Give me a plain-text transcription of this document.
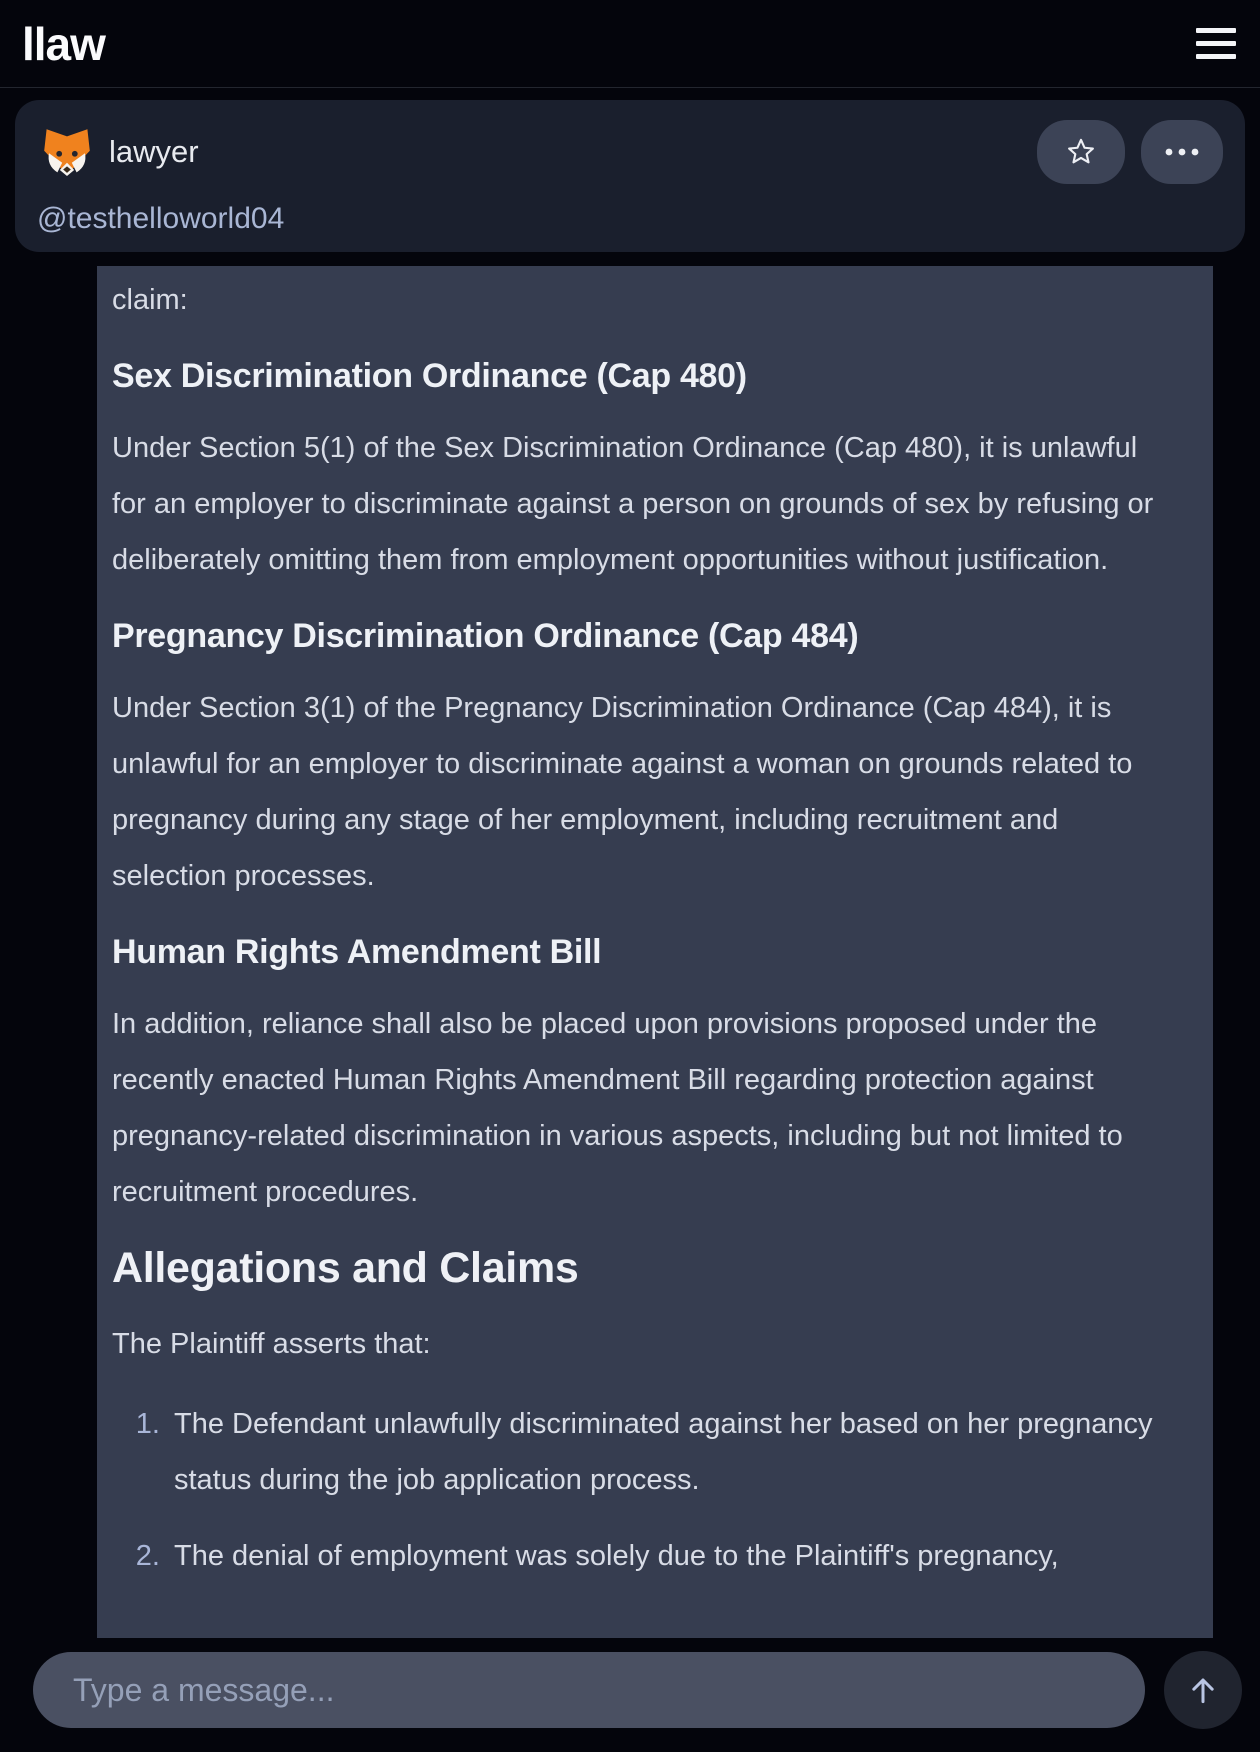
llaw
lawyer
@testhelloworld04

claim:

Sex Discrimination Ordinance (Cap 480)

Under Section 5(1) of the Sex Discrimination Ordinance (Cap 480), it is unlawful for an employer to discriminate against a person on grounds of sex by refusing or deliberately omitting them from employment opportunities without justification.

Pregnancy Discrimination Ordinance (Cap 484)

Under Section 3(1) of the Pregnancy Discrimination Ordinance (Cap 484), it is unlawful for an employer to discriminate against a woman on grounds related to pregnancy during any stage of her employment, including recruitment and selection processes.

Human Rights Amendment Bill

In addition, reliance shall also be placed upon provisions proposed under the recently enacted Human Rights Amendment Bill regarding protection against pregnancy-related discrimination in various aspects, including but not limited to recruitment procedures.

Allegations and Claims

The Plaintiff asserts that:

1. The Defendant unlawfully discriminated against her based on her pregnancy status during the job application process.
2. The denial of employment was solely due to the Plaintiff's pregnancy,
Type a message...
